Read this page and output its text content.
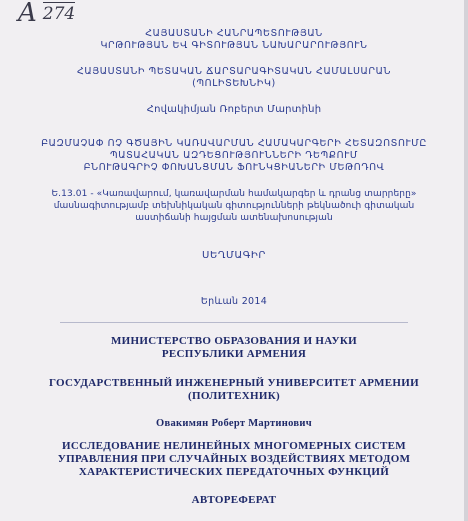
A 274
ՀԱՅԱՍՏԱՆԻ ՀԱՆՐԱՊԵՏՈՒԹՅԱՆ
ԿՐԹՈՒԹՅԱՆ ԵՎ ԳԻՏՈՒԹՅԱՆ ՆԱԽԱՐԱՐՈՒԹՅՈՒՆ
ՀԱՅԱՍՏԱՆԻ ՊԵՏԱԿԱՆ ՃԱՐՏԱՐԱԳԻՏԱԿԱՆ ՀԱՄԱԼՍԱՐԱՆ
(ՊՈԼԻՏԵԽՆԻԿ)
Հովակիմյան Ռոբերտ Մարտինի
ԲԱԶՄԱՉԱՓ ՈՉ ԳԾԱՅԻՆ ԿԱՌԱՎԱՐՄԱՆ ՀԱՄԱԿԱՐԳԵՐԻ ՀԵՏԱԶՈՏՈՒՄԸ
ՊԱՏԱՀԱԿԱՆ ԱԶԴԵՑՈՒԹՅՈՒՆՆԵՐԻ ԴԵՊՔՈՒՄ
ԲՆՈՒԹԱԳՐԻՉ ՓՈԽԱՆՑՄԱՆ ՖՈՒՆԿՑԻԱՆԵՐԻ ՄԵԹՈԴՈՎ
Ե.13.01 - «Կառավարում, կառավարման համակարգեր և դրանց տարրերը»
մասնագիտությամբ տեխնիկական գիտությունների թեկնածուի գիտական
աստիճանի հայցման ատենախոսության
ՍԵՂՄԱԳԻՐ
Երևան 2014
МИНИСТЕРСТВО ОБРАЗОВАНИЯ И НАУКИ
РЕСПУБЛИКИ АРМЕНИЯ
ГОСУДАРСТВЕННЫЙ ИНЖЕНЕРНЫЙ УНИВЕРСИТЕТ АРМЕНИИ
(ПОЛИТЕХНИК)
Овакимян Роберт Мартинович
ИССЛЕДОВАНИЕ НЕЛИНЕЙНЫХ МНОГОМЕРНЫХ СИСТЕМ
УПРАВЛЕНИЯ ПРИ СЛУЧАЙНЫХ ВОЗДЕЙСТВИЯХ МЕТОДОМ
ХАРАКТЕРИСТИЧЕСКИХ ПЕРЕДАТОЧНЫХ ФУНКЦИЙ
АВТОРЕФЕРАТ
